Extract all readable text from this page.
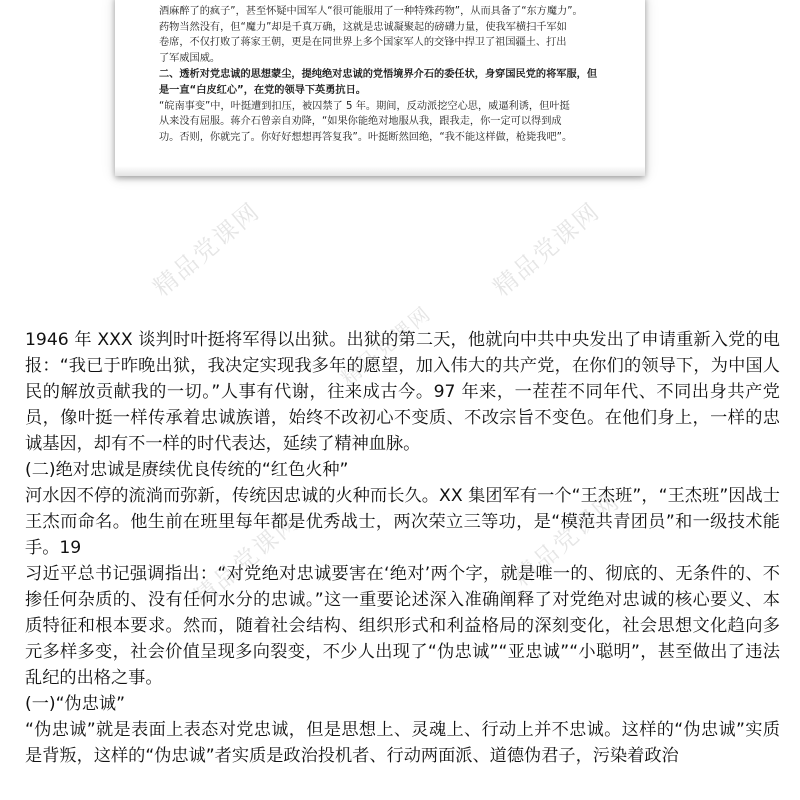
酒麻醉了的疯子”，甚至怀疑中国军人“很可能服用了一种特殊药物”，从而具备了“东方魔力”。

药物当然没有，但“魔力”却是千真万确，这就是忠诚凝聚起的磅礴力量，使我军横扫千军如

卷席，不仅打败了蒋家王朝，更是在同世界上多个国家军人的交锋中捍卫了祖国疆土、打出

了军威国威。

二、透析对党忠诚的思想蒙尘，提纯绝对忠诚的党悟境界介石的委任状，身穿国民党的将军服，但是一直“白皮红心”，在党的领导下英勇抗日。

“皖南事变”中，叶挺遭到扣压，被囚禁了 5 年。期间，反动派挖空心思，威逼利诱，但叶挺

从来没有屈服。蒋介石曾亲自劝降，“如果你能绝对地服从我，跟我走，你一定可以得到成

功。否则，你就完了。你好好想想再答复我”。叶挺断然回绝，“我不能这样做，枪毙我吧”。

精品党课网	精品党课网
精品党课网
精品党课网
精品党课网

1946 年 XXX 谈判时叶挺将军得以出狱。出狱的第二天，他就向中共中央发出了申请重新入党的电报：“我已于昨晚出狱，我决定实现我多年的愿望，加入伟大的共产党，在你们的领导下，为中国人民的解放贡献我的一切。”人事有代谢，往来成古今。97 年来，一茬茬不同年代、不同出身共产党员，像叶挺一样传承着忠诚族谱，始终不改初心不变质、不改宗旨不变色。在他们身上，一样的忠诚基因，却有不一样的时代表达，延续了精神血脉。

(二)绝对忠诚是赓续优良传统的“红色火种”

河水因不停的流淌而弥新，传统因忠诚的火种而长久。XX 集团军有一个“王杰班”，“王杰班”因战士王杰而命名。他生前在班里每年都是优秀战士，两次荣立三等功，是“模范共青团员”和一级技术能手。19

习近平总书记强调指出：“对党绝对忠诚要害在‘绝对’两个字，就是唯一的、彻底的、无条件的、不掺任何杂质的、没有任何水分的忠诚。”这一重要论述深入准确阐释了对党绝对忠诚的核心要义、本质特征和根本要求。然而，随着社会结构、组织形式和利益格局的深刻变化，社会思想文化趋向多元多样多变，社会价值呈现多向裂变，不少人出现了“伪忠诚”“亚忠诚”“小聪明”，甚至做出了违法乱纪的出格之事。

(一)“伪忠诚”

“伪忠诚”就是表面上表态对党忠诚，但是思想上、灵魂上、行动上并不忠诚。这样的“伪忠诚”实质是背叛，这样的“伪忠诚”者实质是政治投机者、行动两面派、道德伪君子，污染着政治
